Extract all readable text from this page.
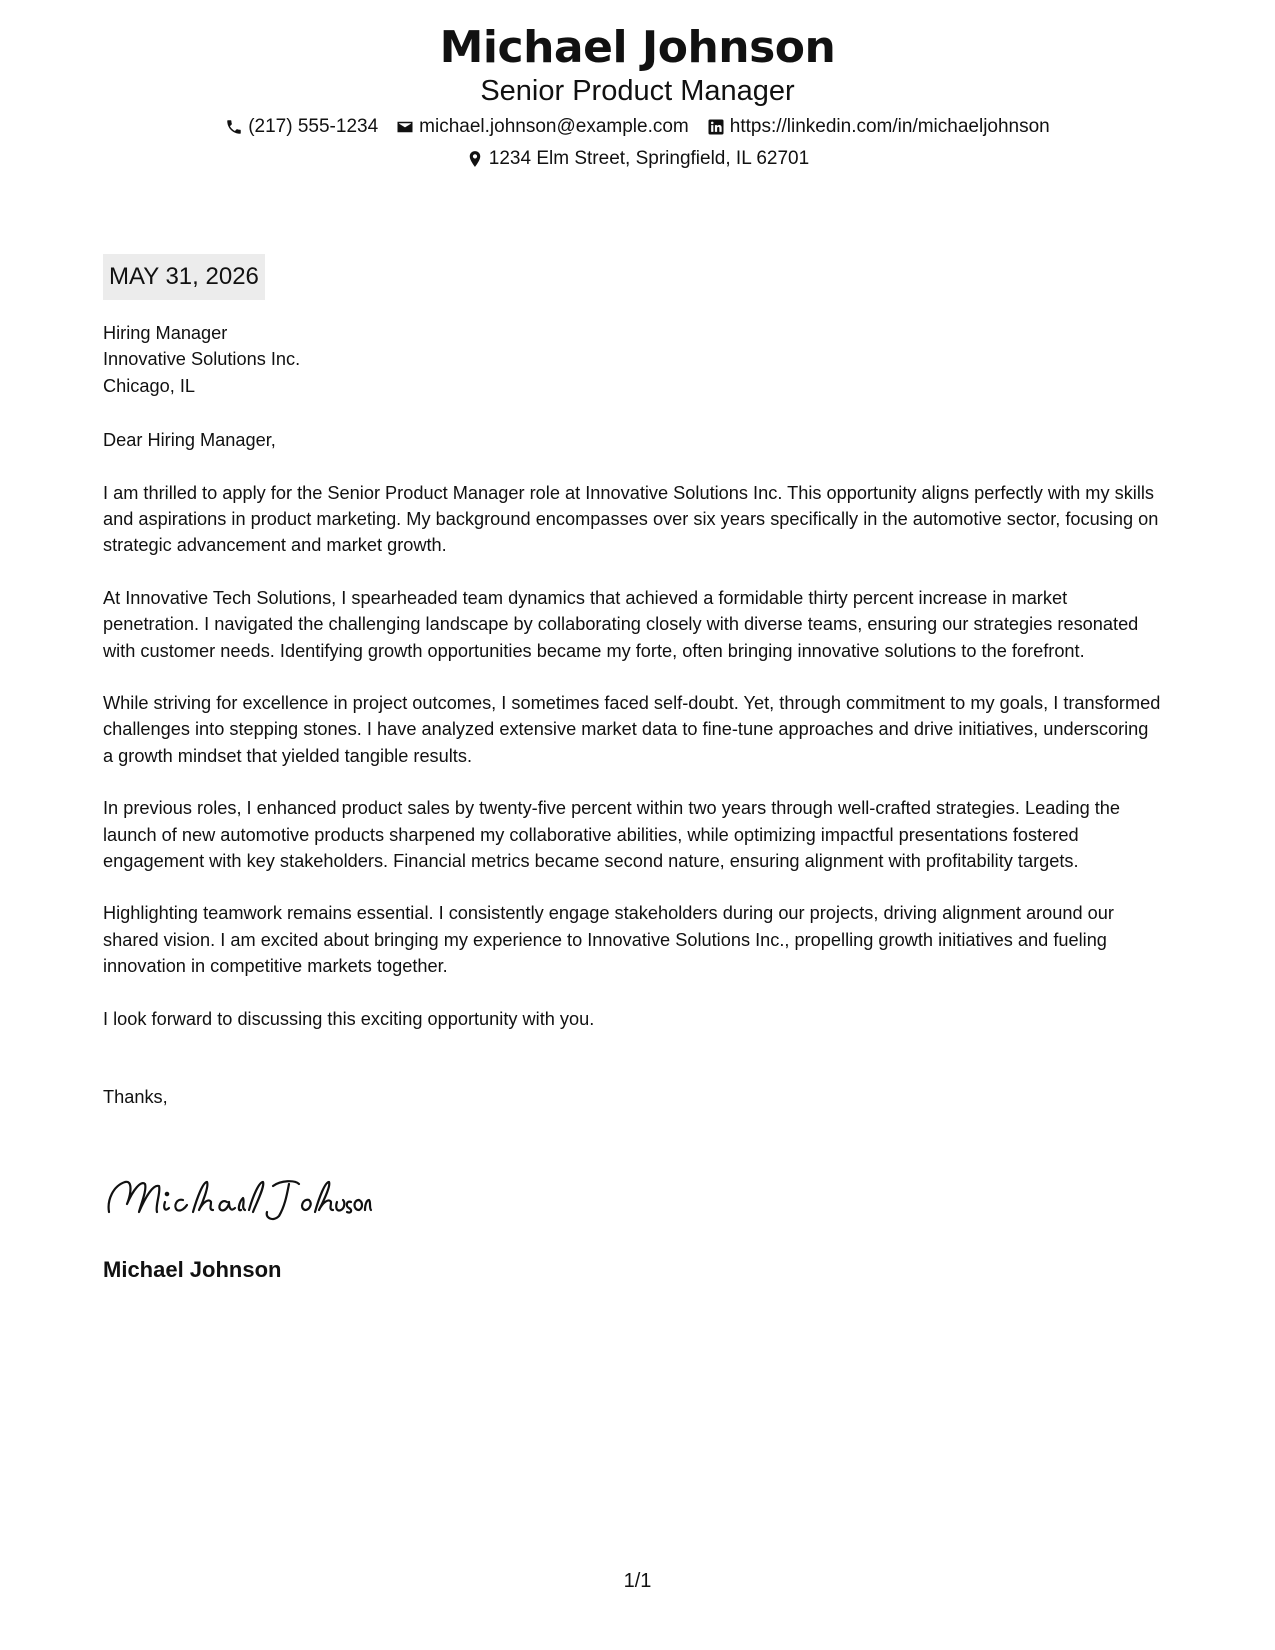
Michael Johnson
Senior Product Manager
(217) 555-1234 michael.johnson@example.com https://linkedin.com/in/michaeljohnson
1234 Elm Street, Springfield, IL 62701
MAY 31, 2026
Hiring Manager
Innovative Solutions Inc.
Chicago, IL
Dear Hiring Manager,
I am thrilled to apply for the Senior Product Manager role at Innovative Solutions Inc. This opportunity aligns perfectly with my skills and aspirations in product marketing. My background encompasses over six years specifically in the automotive sector, focusing on strategic advancement and market growth.
At Innovative Tech Solutions, I spearheaded team dynamics that achieved a formidable thirty percent increase in market penetration. I navigated the challenging landscape by collaborating closely with diverse teams, ensuring our strategies resonated with customer needs. Identifying growth opportunities became my forte, often bringing innovative solutions to the forefront.
While striving for excellence in project outcomes, I sometimes faced self-doubt. Yet, through commitment to my goals, I transformed challenges into stepping stones. I have analyzed extensive market data to fine-tune approaches and drive initiatives, underscoring a growth mindset that yielded tangible results.
In previous roles, I enhanced product sales by twenty-five percent within two years through well-crafted strategies. Leading the launch of new automotive products sharpened my collaborative abilities, while optimizing impactful presentations fostered engagement with key stakeholders. Financial metrics became second nature, ensuring alignment with profitability targets.
Highlighting teamwork remains essential. I consistently engage stakeholders during our projects, driving alignment around our shared vision. I am excited about bringing my experience to Innovative Solutions Inc., propelling growth initiatives and fueling innovation in competitive markets together.
I look forward to discussing this exciting opportunity with you.
Thanks,
Michael Johnson
1/1
